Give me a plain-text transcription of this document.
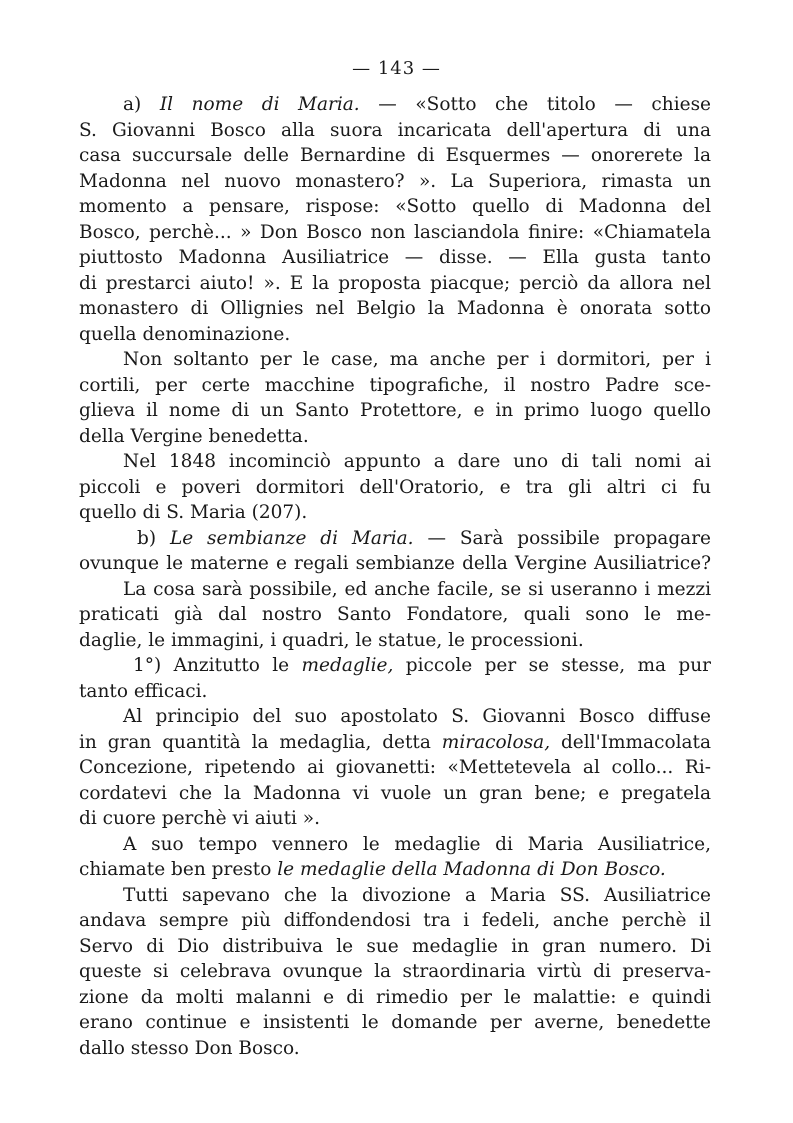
— 143 —
a) Il nome di Maria. — «Sotto che titolo — chiese
S. Giovanni Bosco alla suora incaricata dell'apertura di una
casa succursale delle Bernardine di Esquermes — onorerete la
Madonna nel nuovo monastero? ». La Superiora, rimasta un
momento a pensare, rispose: «Sotto quello di Madonna del
Bosco, perchè... » Don Bosco non lasciandola finire: «Chiamatela
piuttosto Madonna Ausiliatrice — disse. — Ella gusta tanto
di prestarci aiuto! ». E la proposta piacque; perciò da allora nel
monastero di Ollignies nel Belgio la Madonna è onorata sotto
quella denominazione.
Non soltanto per le case, ma anche per i dormitori, per i
cortili, per certe macchine tipografiche, il nostro Padre sce-
glieva il nome di un Santo Protettore, e in primo luogo quello
della Vergine benedetta.
Nel 1848 incominciò appunto a dare uno di tali nomi ai
piccoli e poveri dormitori dell'Oratorio, e tra gli altri ci fu
quello di S. Maria (207).
b) Le sembianze di Maria. — Sarà possibile propagare
ovunque le materne e regali sembianze della Vergine Ausiliatrice?
La cosa sarà possibile, ed anche facile, se si useranno i mezzi
praticati già dal nostro Santo Fondatore, quali sono le me-
daglie, le immagini, i quadri, le statue, le processioni.
1°) Anzitutto le medaglie, piccole per se stesse, ma pur
tanto efficaci.
Al principio del suo apostolato S. Giovanni Bosco diffuse
in gran quantità la medaglia, detta miracolosa, dell'Immacolata
Concezione, ripetendo ai giovanetti: «Mettetevela al collo... Ri-
cordatevi che la Madonna vi vuole un gran bene; e pregatela
di cuore perchè vi aiuti ».
A suo tempo vennero le medaglie di Maria Ausiliatrice,
chiamate ben presto le medaglie della Madonna di Don Bosco.
Tutti sapevano che la divozione a Maria SS. Ausiliatrice
andava sempre più diffondendosi tra i fedeli, anche perchè il
Servo di Dio distribuiva le sue medaglie in gran numero. Di
queste si celebrava ovunque la straordinaria virtù di preserva-
zione da molti malanni e di rimedio per le malattie: e quindi
erano continue e insistenti le domande per averne, benedette
dallo stesso Don Bosco.
